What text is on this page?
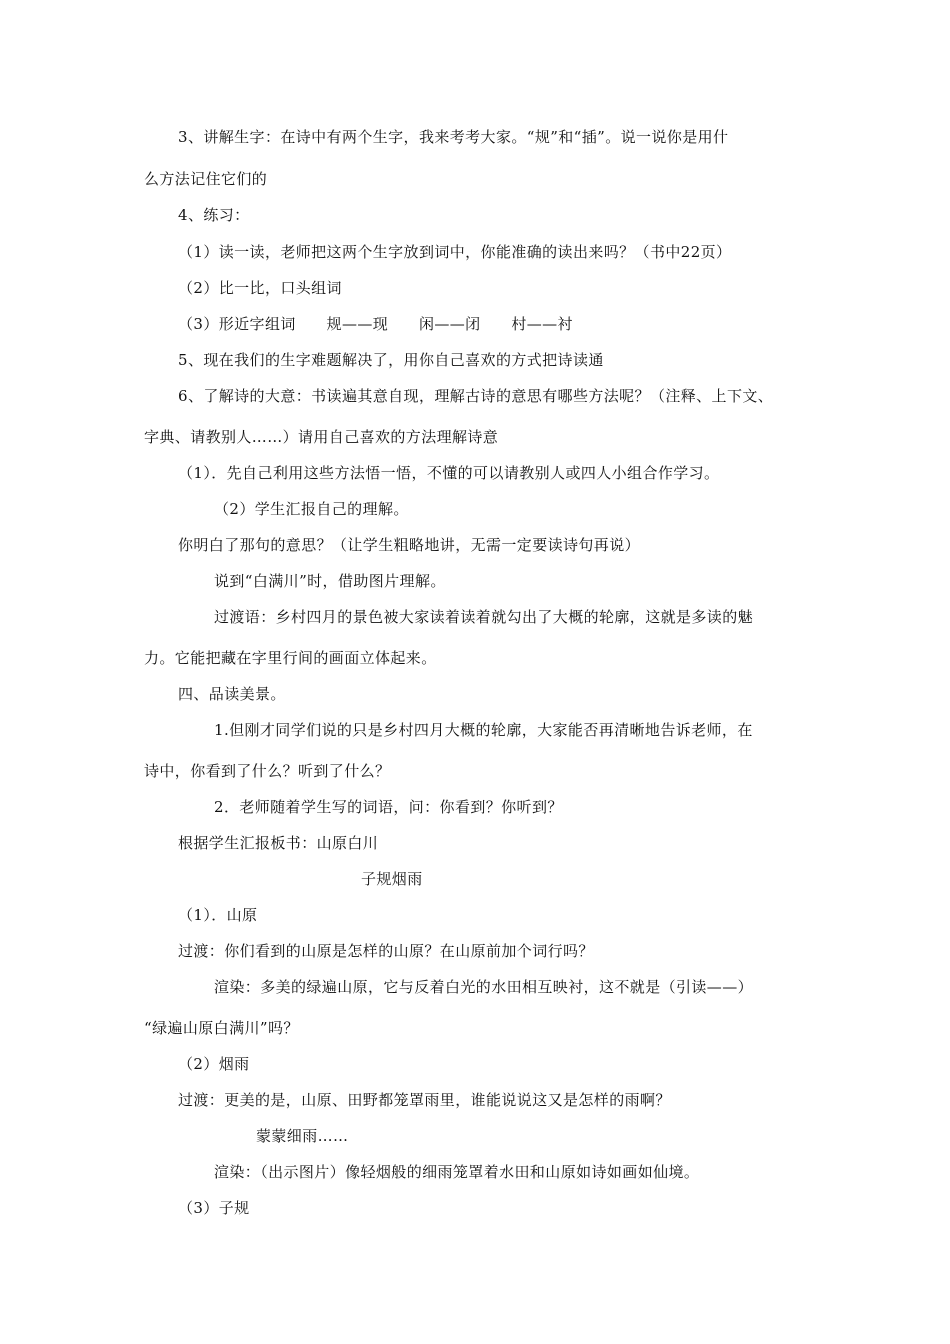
3、讲解生字：在诗中有两个生字，我来考考大家。“规”和“插”。说一说你是用什
么方法记住它们的
4、练习：
（1）读一读，老师把这两个生字放到词中，你能准确的读出来吗？（书中22页）
（2）比一比，口头组词
（3）形近字组词　　规——现　　闲——闭　　村——衬
5、现在我们的生字难题解决了，用你自己喜欢的方式把诗读通
6、了解诗的大意：书读遍其意自现，理解古诗的意思有哪些方法呢？（注释、上下文、
字典、请教别人……）请用自己喜欢的方法理解诗意
（1）．先自己利用这些方法悟一悟，不懂的可以请教别人或四人小组合作学习。
（2）学生汇报自己的理解。
你明白了那句的意思？（让学生粗略地讲，无需一定要读诗句再说）
说到“白满川”时，借助图片理解。
过渡语：乡村四月的景色被大家读着读着就勾出了大概的轮廓，这就是多读的魅
力。它能把藏在字里行间的画面立体起来。
四、品读美景。
1.但刚才同学们说的只是乡村四月大概的轮廓，大家能否再清晰地告诉老师，在
诗中，你看到了什么？听到了什么？
2．老师随着学生写的词语，问：你看到？你听到？
根据学生汇报板书：山原白川
子规烟雨
（1）．山原
过渡：你们看到的山原是怎样的山原？在山原前加个词行吗？
渲染：多美的绿遍山原，它与反着白光的水田相互映衬，这不就是（引读——）
“绿遍山原白满川”吗？
（2）烟雨
过渡：更美的是，山原、田野都笼罩雨里，谁能说说这又是怎样的雨啊？
蒙蒙细雨……
渲染：（出示图片）像轻烟般的细雨笼罩着水田和山原如诗如画如仙境。
（3）子规
